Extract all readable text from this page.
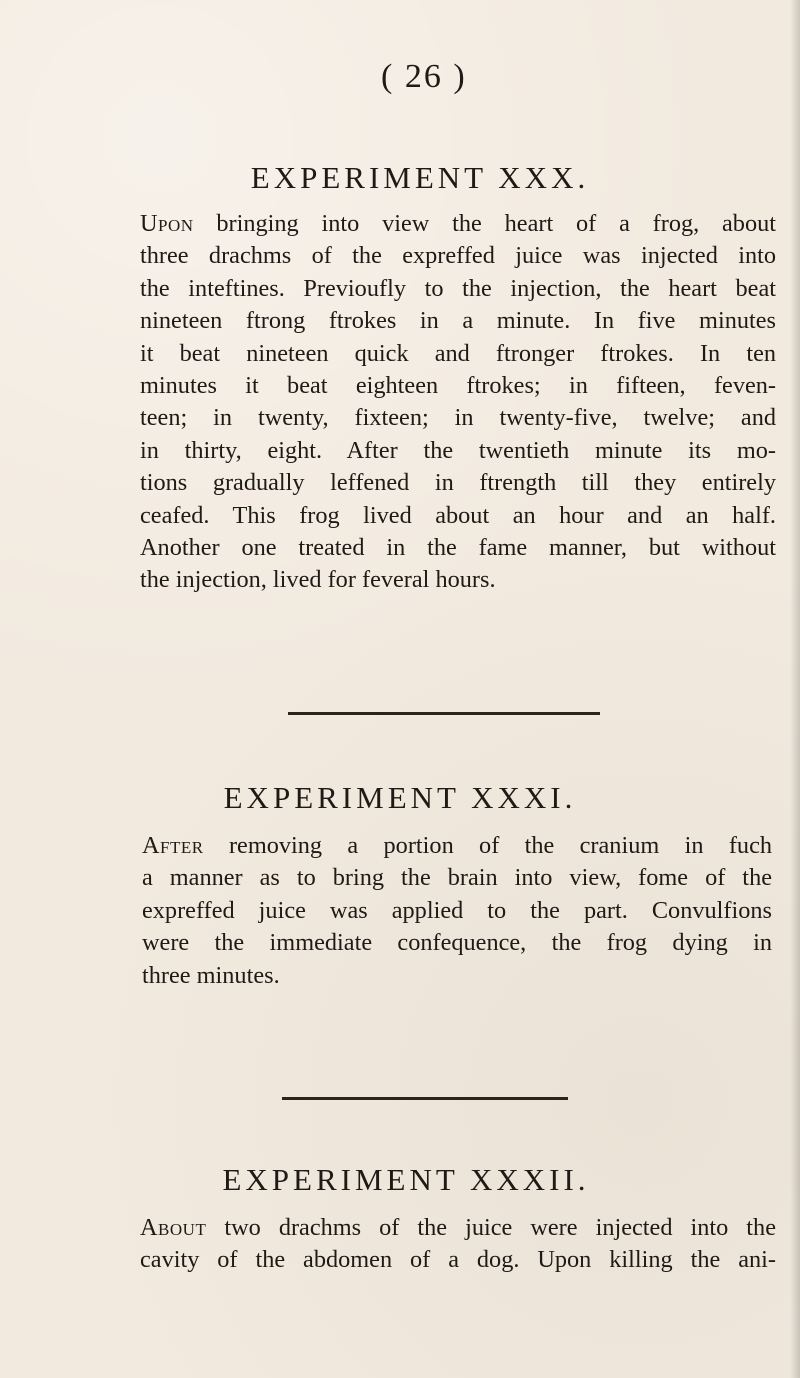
( 26 )
EXPERIMENT XXX.
Upon bringing into view the heart of a frog, about
three drachms of the expreffed juice was injected into
the inteftines. Previoufly to the injection, the heart beat
nineteen ftrong ftrokes in a minute. In five minutes
it beat nineteen quick and ftronger ftrokes. In ten
minutes it beat eighteen ftrokes; in fifteen, feven-
teen; in twenty, fixteen; in twenty-five, twelve; and
in thirty, eight. After the twentieth minute its mo-
tions gradually leffened in ftrength till they entirely
ceafed. This frog lived about an hour and an half.
Another one treated in the fame manner, but without
the injection, lived for feveral hours.
EXPERIMENT XXXI.
After removing a portion of the cranium in fuch
a manner as to bring the brain into view, fome of the
expreffed juice was applied to the part. Convulfions
were the immediate confequence, the frog dying in
three minutes.
EXPERIMENT XXXII.
About two drachms of the juice were injected into the
cavity of the abdomen of a dog. Upon killing the ani-
